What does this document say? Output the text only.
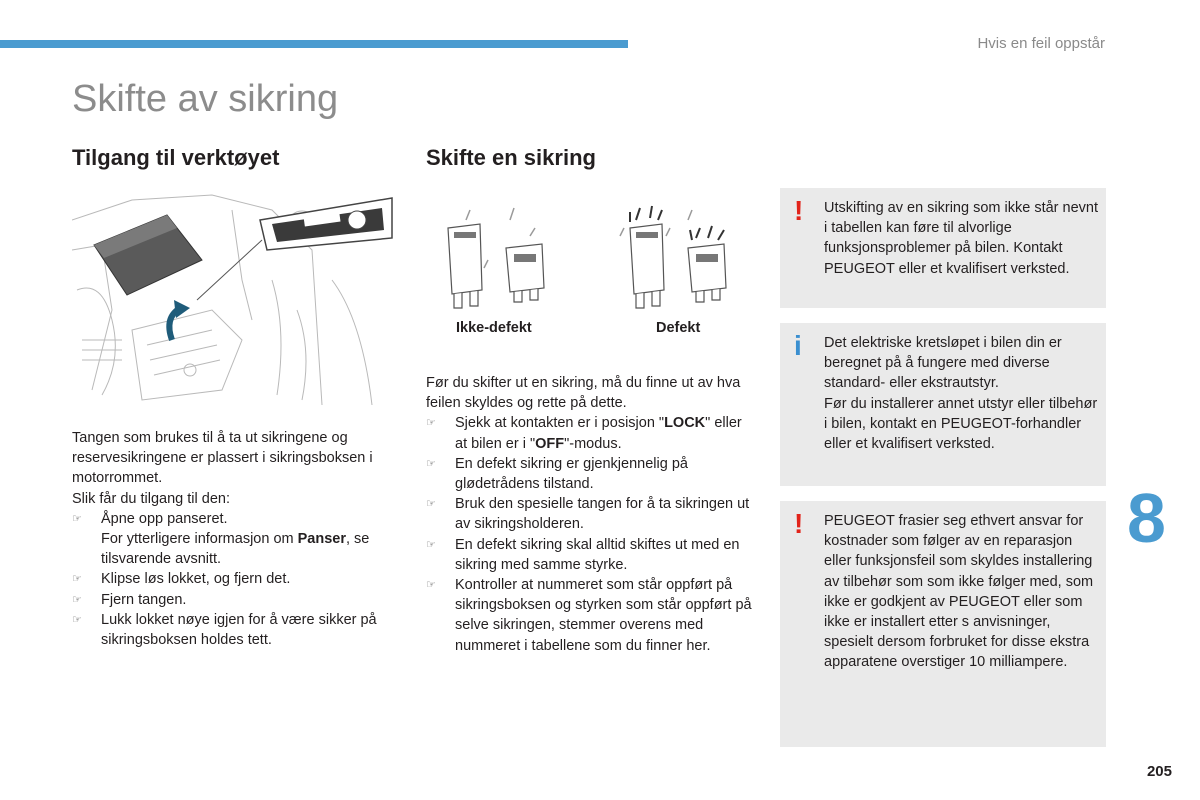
Hvis en feil oppstår
Skifte av sikring
Tilgang til verktøyet	Skifte en sikring
Ikke-defekt	Defekt

Tangen som brukes til å ta ut sikringene og reservesikringene er plassert i sikringsboksen i motorrommet.

Slik får du tilgang til den:

☞ Åpne opp panseret.
For ytterligere informasjon om Panser, se tilsvarende avsnitt.
☞ Klipse løs lokket, og fjern det.
☞ Fjern tangen.
☞ Lukk lokket nøye igjen for å være sikker på sikringsboksen holdes tett.

Før du skifter ut en sikring, må du finne ut av hva feilen skyldes og rette på dette.

☞ Sjekk at kontakten er i posisjon "LOCK" eller at bilen er i "OFF"-modus.
☞ En defekt sikring er gjenkjennelig på glødetrådens tilstand.
☞ Bruk den spesielle tangen for å ta sikringen ut av sikringsholderen.
☞ En defekt sikring skal alltid skiftes ut med en sikring med samme styrke.
☞ Kontroller at nummeret som står oppført på sikringsboksen og styrken som står oppført på selve sikringen, stemmer overens med nummeret i tabellene som du finner her.
! Utskifting av en sikring som ikke står nevnt i tabellen kan føre til alvorlige funksjonsproblemer på bilen. Kontakt PEUGEOT eller et kvalifisert verksted.

i Det elektriske kretsløpet i bilen din er beregnet på å fungere med diverse standard- eller ekstrautstyr.

Før du installerer annet utstyr eller tilbehør i bilen, kontakt en PEUGEOT-forhandler eller et kvalifisert verksted.

! PEUGEOT frasier seg ethvert ansvar for kostnader som følger av en reparasjon eller funksjonsfeil som skyldes installering av tilbehør som som ikke følger med, som ikke er godkjent av PEUGEOT eller som ikke er installert etter s anvisninger, spesielt dersom forbruket for disse ekstra apparatene overstiger 10 milliampere.

8
205
